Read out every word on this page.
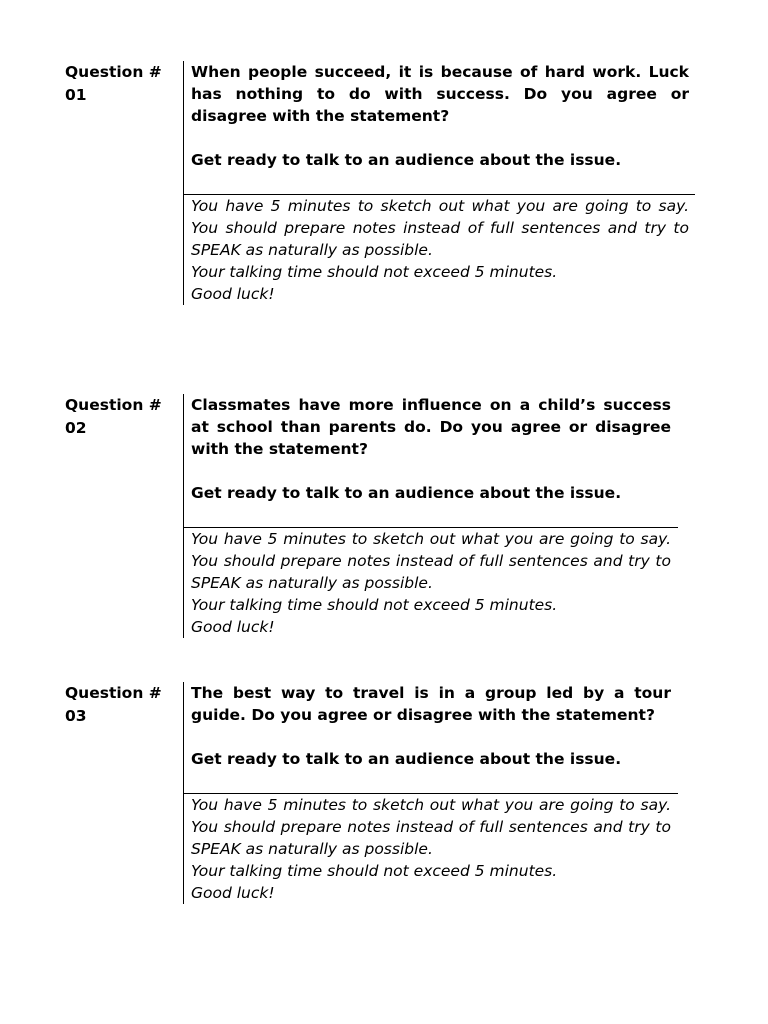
Question #
01
When people succeed, it is because of hard work. Luck has nothing to do with success. Do you agree or disagree with the statement?
Get ready to talk to an audience about the issue.
You have 5 minutes to sketch out what you are going to say. You should prepare notes instead of full sentences and try to SPEAK as naturally as possible.
Your talking time should not exceed 5 minutes.
Good luck!
Question #
02
Classmates have more influence on a child’s success at school than parents do. Do you agree or disagree with the statement?
Get ready to talk to an audience about the issue.
You have 5 minutes to sketch out what you are going to say. You should prepare notes instead of full sentences and try to SPEAK as naturally as possible.
Your talking time should not exceed 5 minutes.
Good luck!
Question #
03
The best way to travel is in a group led by a tour guide. Do you agree or disagree with the statement?
Get ready to talk to an audience about the issue.
You have 5 minutes to sketch out what you are going to say. You should prepare notes instead of full sentences and try to SPEAK as naturally as possible.
Your talking time should not exceed 5 minutes.
Good luck!
